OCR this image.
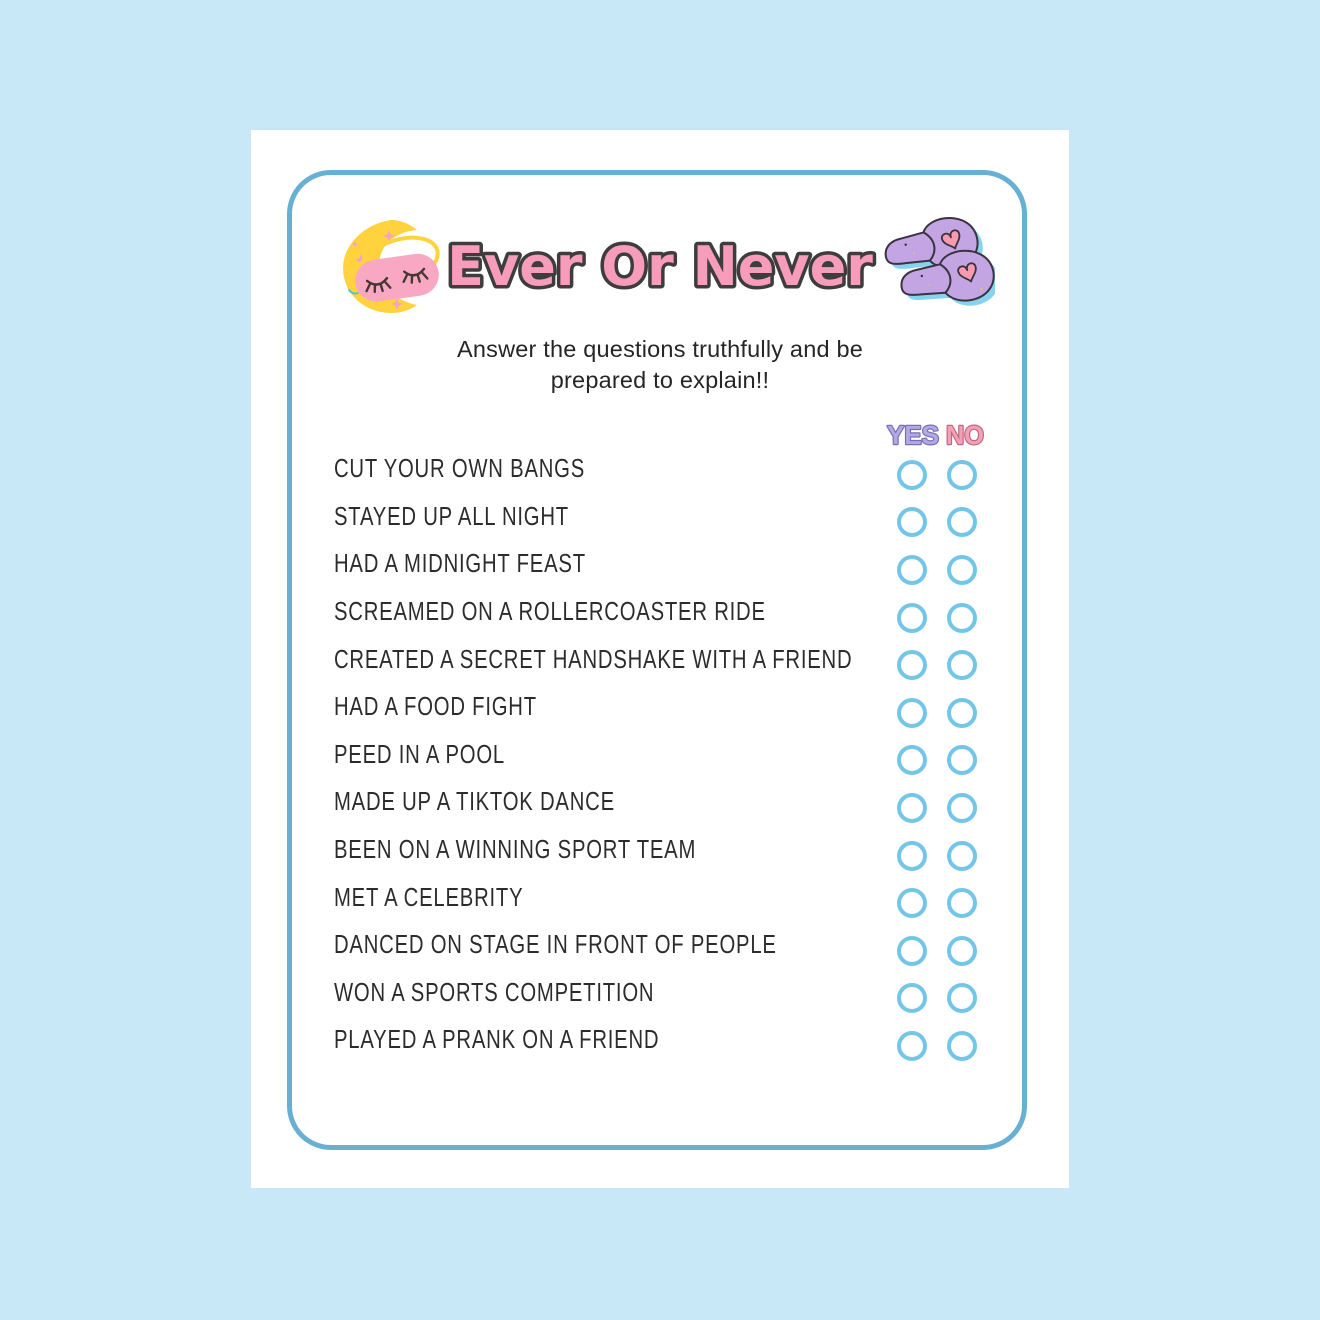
Ever Or Never
Answer the questions truthfully and be prepared to explain!!
YES NO
CUT YOUR OWN BANGS
STAYED UP ALL NIGHT
HAD A MIDNIGHT FEAST
SCREAMED ON A ROLLERCOASTER RIDE
CREATED A SECRET HANDSHAKE WITH A FRIEND
HAD A FOOD FIGHT
PEED IN A POOL
MADE UP A TIKTOK DANCE
BEEN ON A WINNING SPORT TEAM
MET A CELEBRITY
DANCED ON STAGE IN FRONT OF PEOPLE
WON A SPORTS COMPETITION
PLAYED A PRANK ON A FRIEND
